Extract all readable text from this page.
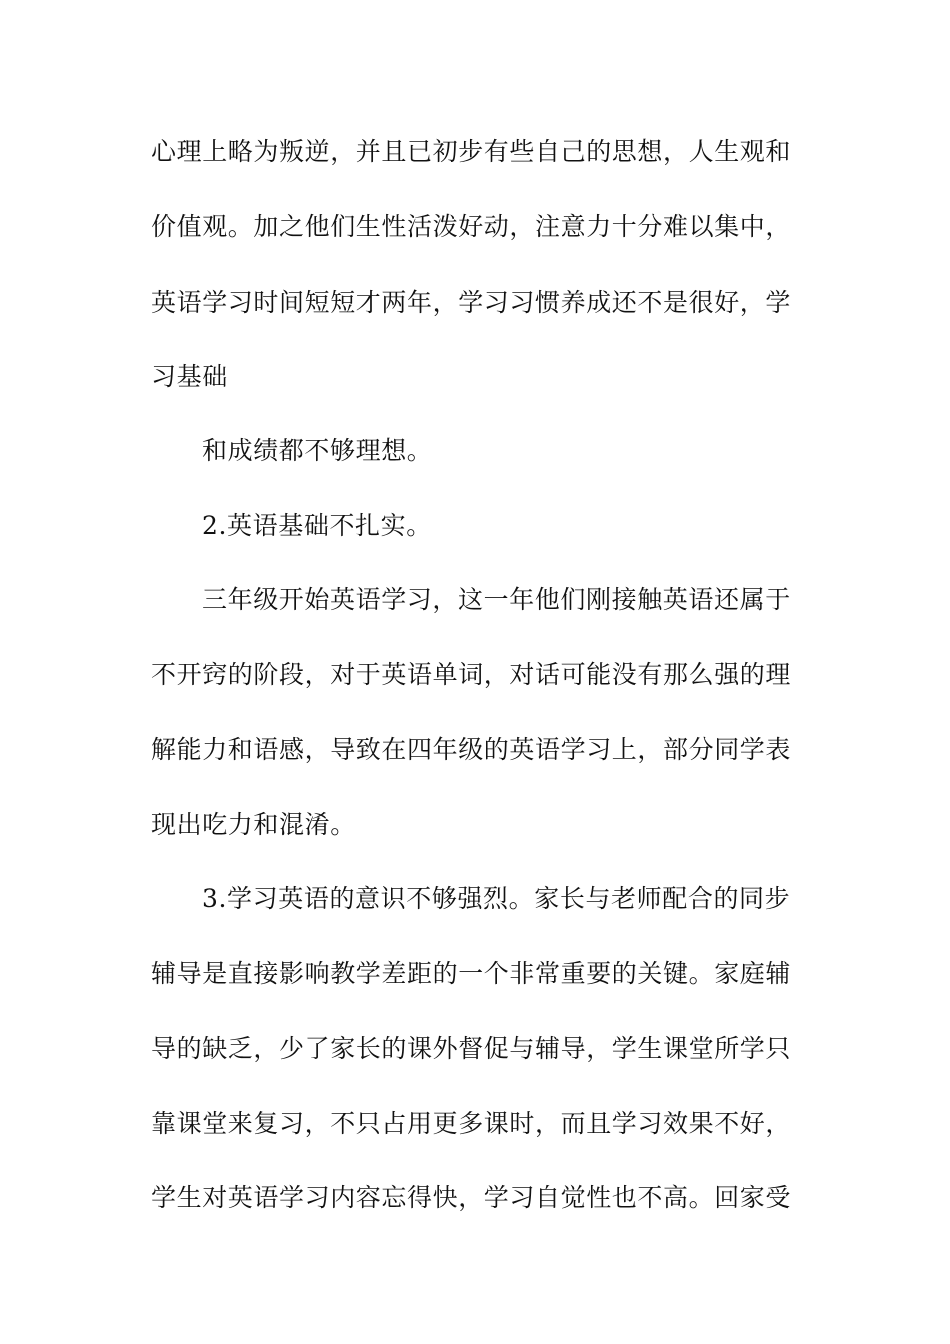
心理上略为叛逆，并且已初步有些自己的思想，人生观和
价值观。加之他们生性活泼好动，注意力十分难以集中，
英语学习时间短短才两年，学习习惯养成还不是很好，学
习基础
和成绩都不够理想。
2.英语基础不扎实。
三年级开始英语学习，这一年他们刚接触英语还属于
不开窍的阶段，对于英语单词，对话可能没有那么强的理
解能力和语感，导致在四年级的英语学习上，部分同学表
现出吃力和混淆。
3.学习英语的意识不够强烈。家长与老师配合的同步
辅导是直接影响教学差距的一个非常重要的关键。家庭辅
导的缺乏，少了家长的课外督促与辅导，学生课堂所学只
靠课堂来复习，不只占用更多课时，而且学习效果不好，
学生对英语学习内容忘得快，学习自觉性也不高。回家受
